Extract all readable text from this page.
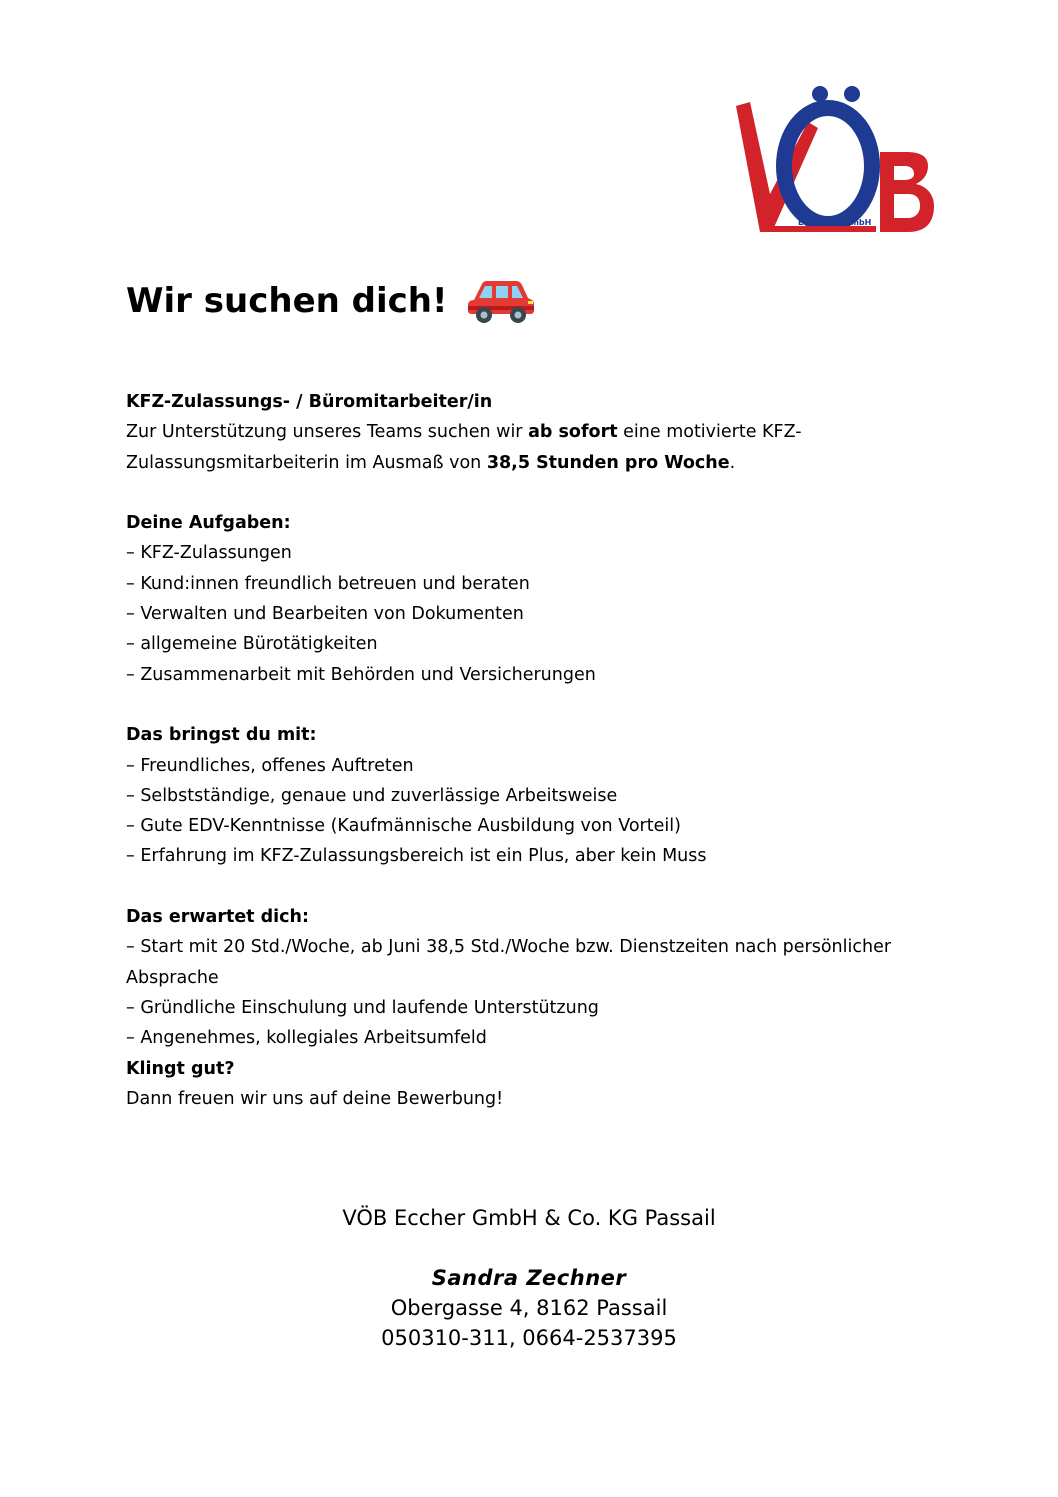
Eccher Ges.mbH
Wir suchen dich!

KFZ-Zulassungs- / Büromitarbeiter/in

Zur Unterstützung unseres Teams suchen wir ab sofort eine motivierte KFZ-

Zulassungsmitarbeiterin im Ausmaß von 38,5 Stunden pro Woche.

Deine Aufgaben:

– KFZ-Zulassungen

– Kund:innen freundlich betreuen und beraten

– Verwalten und Bearbeiten von Dokumenten

– allgemeine Bürotätigkeiten

– Zusammenarbeit mit Behörden und Versicherungen

Das bringst du mit:

– Freundliches, offenes Auftreten

– Selbstständige, genaue und zuverlässige Arbeitsweise

– Gute EDV-Kenntnisse (Kaufmännische Ausbildung von Vorteil)

– Erfahrung im KFZ-Zulassungsbereich ist ein Plus, aber kein Muss

Das erwartet dich:

– Start mit 20 Std./Woche, ab Juni 38,5 Std./Woche bzw. Dienstzeiten nach persönlicher

Absprache

– Gründliche Einschulung und laufende Unterstützung

– Angenehmes, kollegiales Arbeitsumfeld

Klingt gut?

Dann freuen wir uns auf deine Bewerbung!

VÖB Eccher GmbH & Co. KG Passail
Sandra Zechner
Obergasse 4, 8162 Passail
050310-311, 0664-2537395
